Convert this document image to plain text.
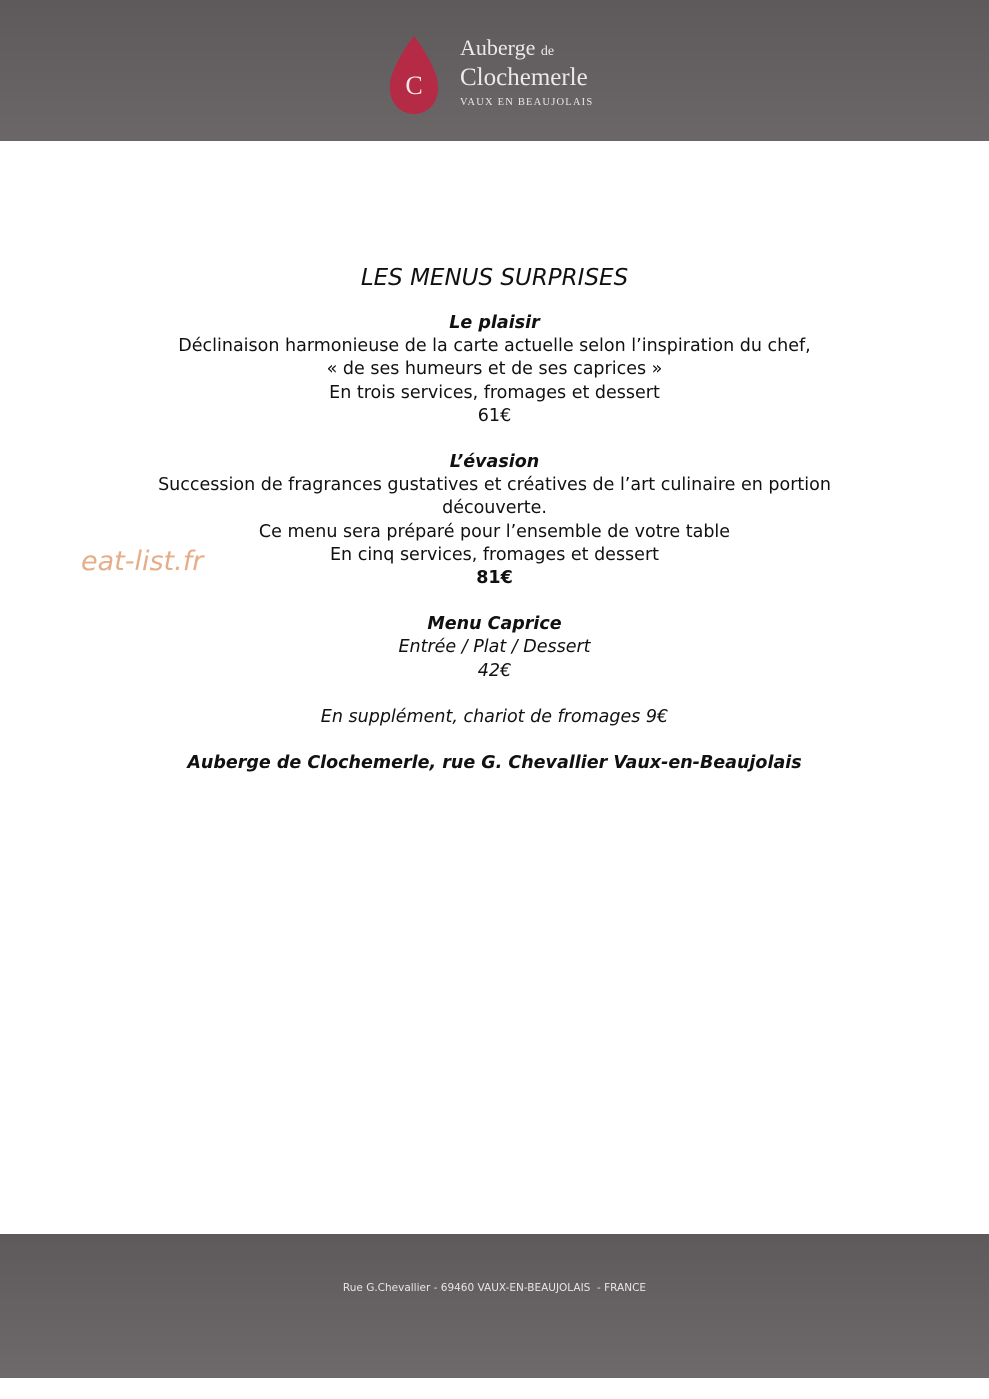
C
Auberge de
Clochemerle
VAUX EN BEAUJOLAIS
eat-list.fr
LES MENUS SURPRISES
Le plaisir
Déclinaison harmonieuse de la carte actuelle selon l’inspiration du chef,
« de ses humeurs et de ses caprices »
En trois services, fromages et dessert
61€
L’évasion
Succession de fragrances gustatives et créatives de l’art culinaire en portion
découverte.
Ce menu sera préparé pour l’ensemble de votre table
En cinq services, fromages et dessert
81€
Menu Caprice
Entrée / Plat / Dessert
42€
En supplément, chariot de fromages 9€
Auberge de Clochemerle, rue G. Chevallier Vaux-en-Beaujolais
Rue G.Chevallier - 69460 VAUX-EN-BEAUJOLAIS  - FRANCE
